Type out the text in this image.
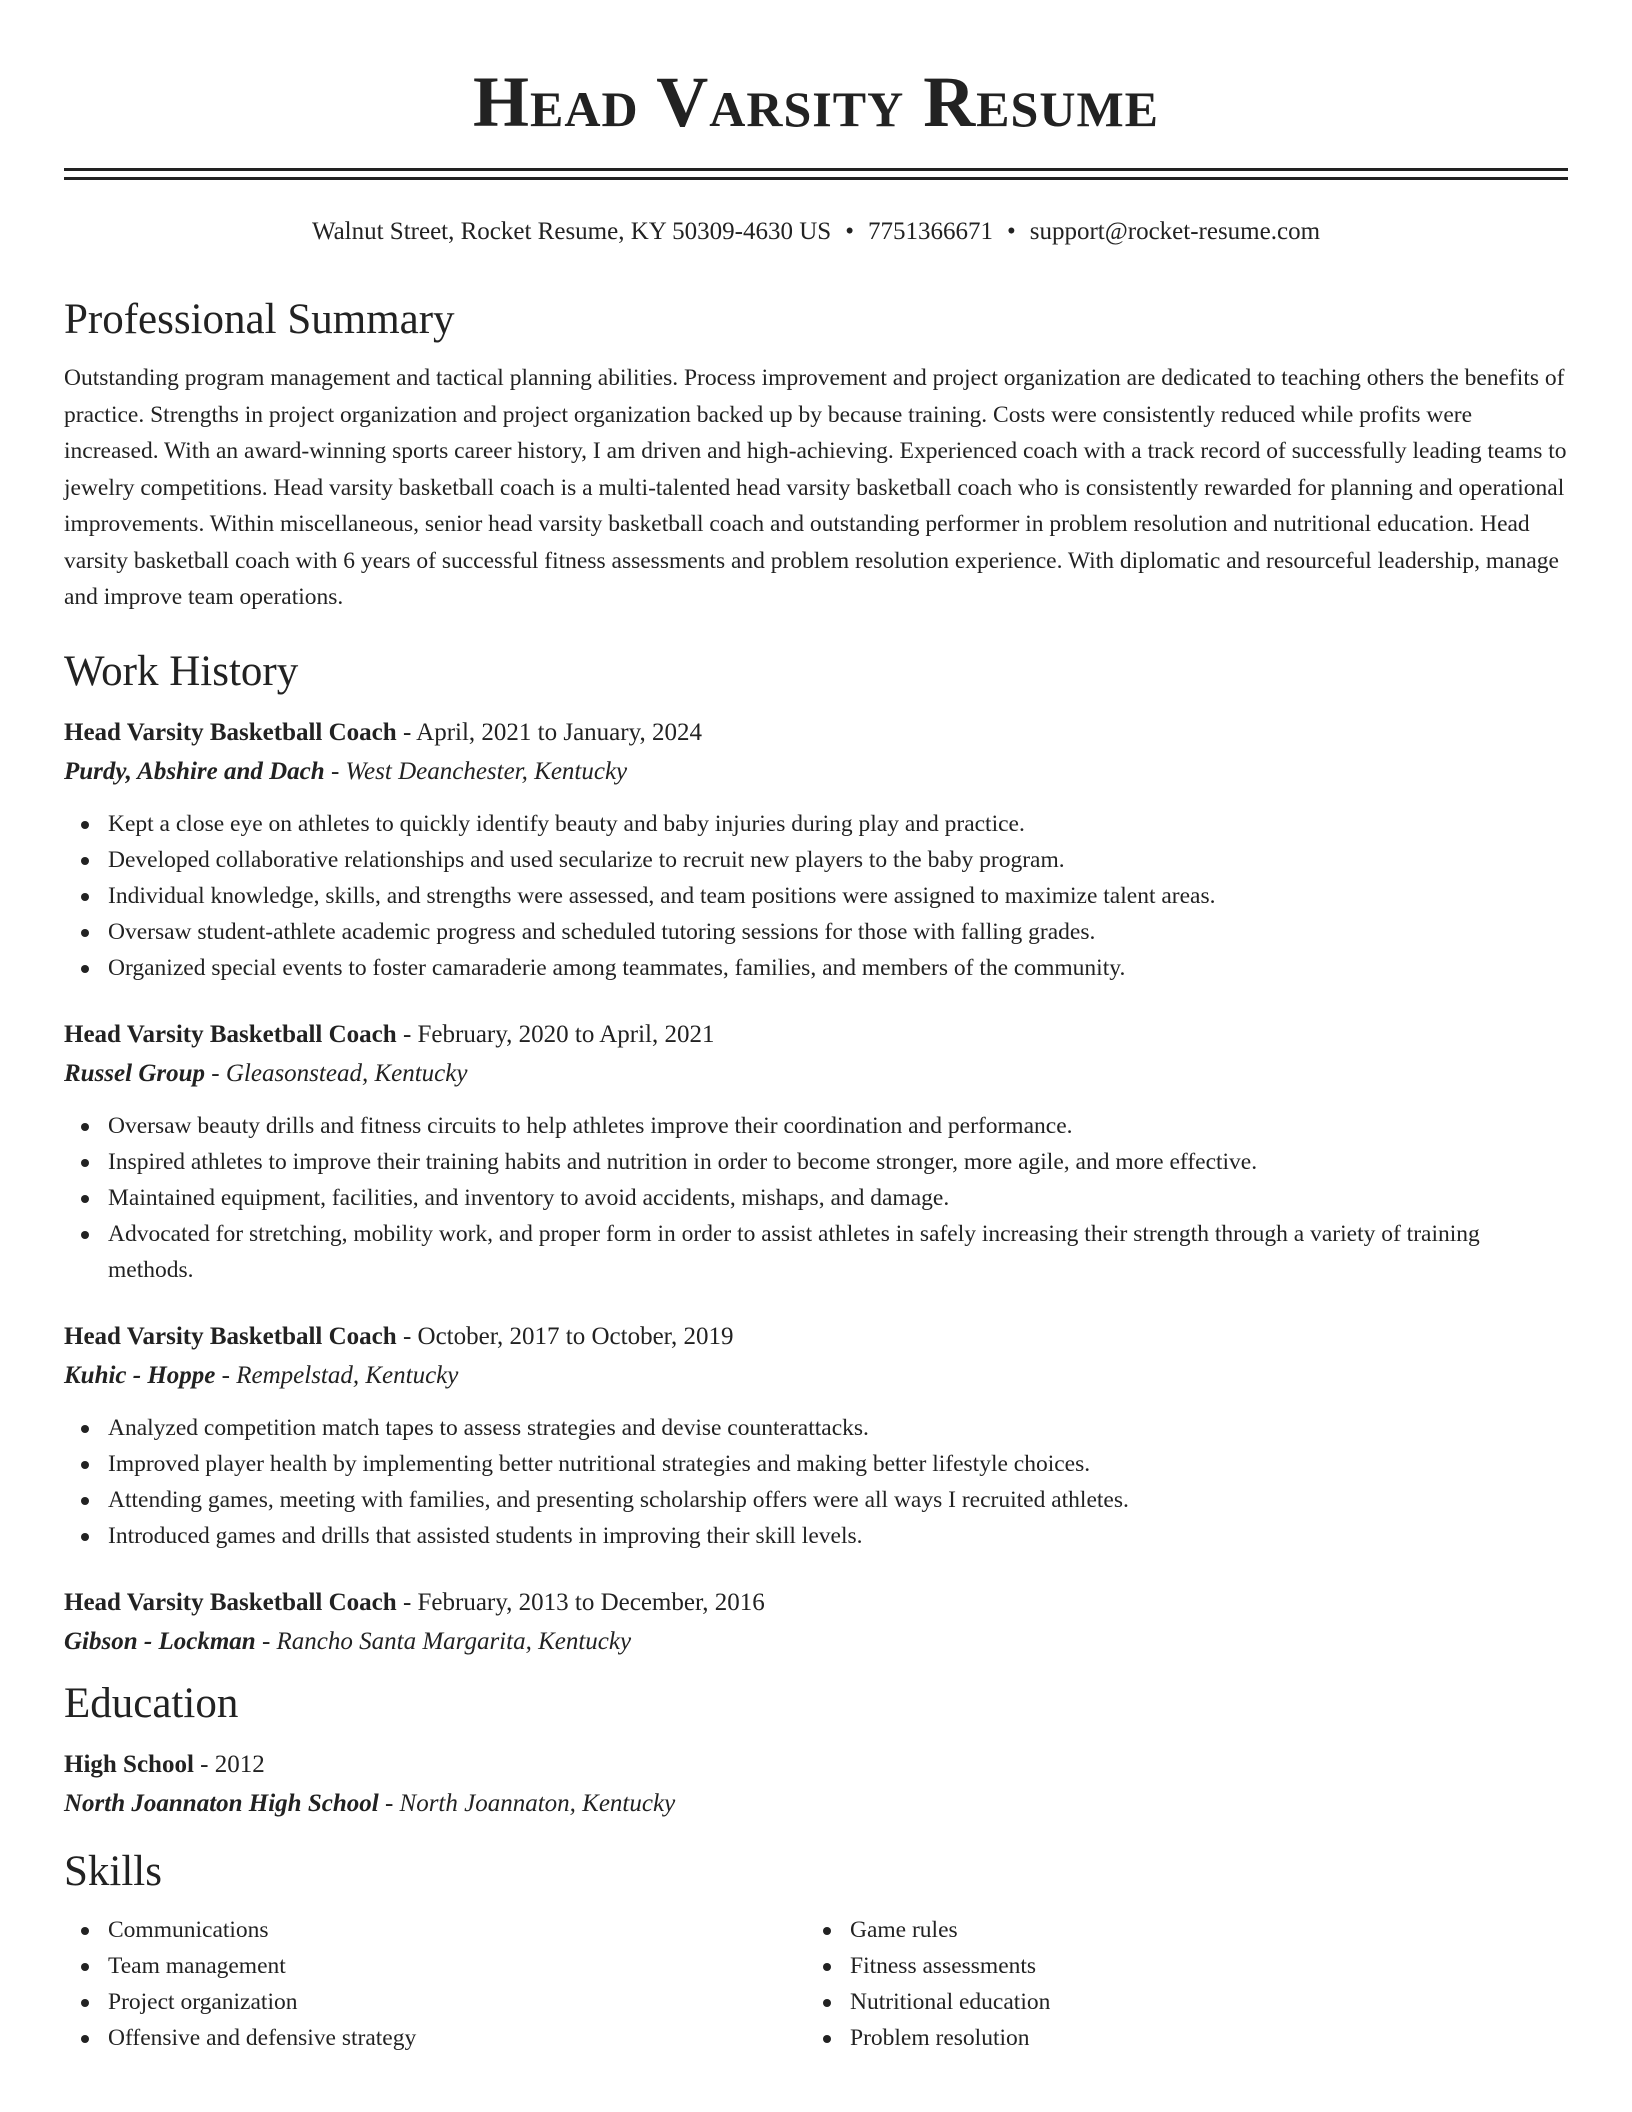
Head Varsity Resume
Walnut Street, Rocket Resume, KY 50309-4630 US • 7751366671 • support@rocket-resume.com
Professional Summary

Outstanding program management and tactical planning abilities. Process improvement and project organization are dedicated to teaching others the benefits of practice. Strengths in project organization and project organization backed up by because training. Costs were consistently reduced while profits were increased. With an award-winning sports career history, I am driven and high-achieving. Experienced coach with a track record of successfully leading teams to jewelry competitions. Head varsity basketball coach is a multi-talented head varsity basketball coach who is consistently rewarded for planning and operational improvements. Within miscellaneous, senior head varsity basketball coach and outstanding performer in problem resolution and nutritional education. Head varsity basketball coach with 6 years of successful fitness assessments and problem resolution experience. With diplomatic and resourceful leadership, manage and improve team operations.

Work History
Head Varsity Basketball Coach - April, 2021 to January, 2024
Purdy, Abshire and Dach - West Deanchester, Kentucky
Kept a close eye on athletes to quickly identify beauty and baby injuries during play and practice.
Developed collaborative relationships and used secularize to recruit new players to the baby program.
Individual knowledge, skills, and strengths were assessed, and team positions were assigned to maximize talent areas.
Oversaw student-athlete academic progress and scheduled tutoring sessions for those with falling grades.
Organized special events to foster camaraderie among teammates, families, and members of the community.
Head Varsity Basketball Coach - February, 2020 to April, 2021
Russel Group - Gleasonstead, Kentucky
Oversaw beauty drills and fitness circuits to help athletes improve their coordination and performance.
Inspired athletes to improve their training habits and nutrition in order to become stronger, more agile, and more effective.
Maintained equipment, facilities, and inventory to avoid accidents, mishaps, and damage.
Advocated for stretching, mobility work, and proper form in order to assist athletes in safely increasing their strength through a variety of training methods.
Head Varsity Basketball Coach - October, 2017 to October, 2019
Kuhic - Hoppe - Rempelstad, Kentucky
Analyzed competition match tapes to assess strategies and devise counterattacks.
Improved player health by implementing better nutritional strategies and making better lifestyle choices.
Attending games, meeting with families, and presenting scholarship offers were all ways I recruited athletes.
Introduced games and drills that assisted students in improving their skill levels.
Head Varsity Basketball Coach - February, 2013 to December, 2016
Gibson - Lockman - Rancho Santa Margarita, Kentucky
Education
High School - 2012
North Joannaton High School - North Joannaton, Kentucky
Skills
Communications
Team management
Project organization
Offensive and defensive strategy
Game rules
Fitness assessments
Nutritional education
Problem resolution
